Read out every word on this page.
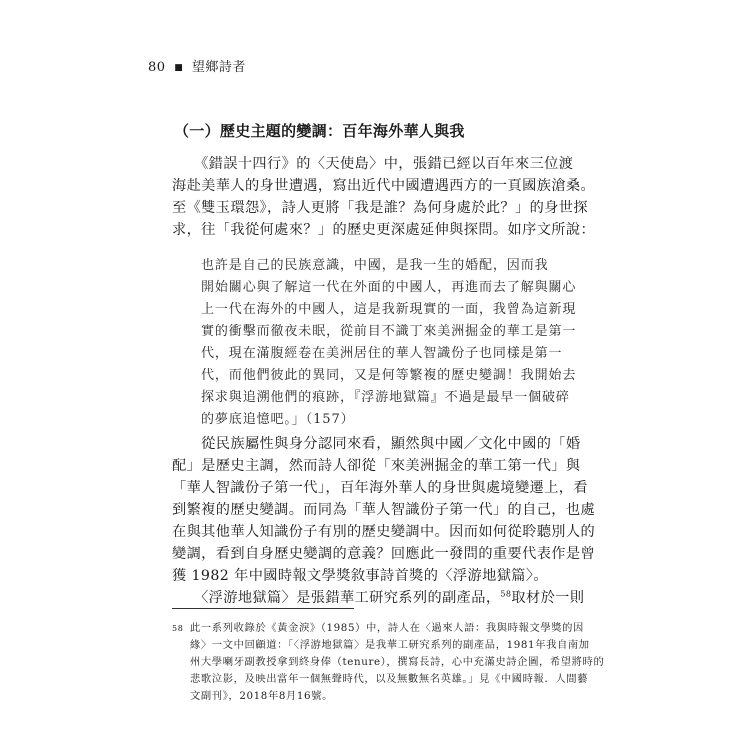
80 ■ 望鄉詩者
（一）歷史主題的變調：百年海外華人與我
　　《錯誤十四行》的〈天使島〉中，張錯已經以百年來三位渡
海赴美華人的身世遭遇，寫出近代中國遭遇西方的一頁國族滄桑。
至《雙玉環怨》，詩人更將「我是誰？為何身處於此？」的身世探
求，往「我從何處來？」的歷史更深處延伸與探問。如序文所說：
也許是自己的民族意識，中國，是我一生的婚配，因而我
開始關心與了解這一代在外面的中國人，再進而去了解與關心
上一代在海外的中國人，這是我新現實的一面，我曾為這新現
實的衝擊而徹夜未眠，從前目不識丁來美洲掘金的華工是第一
代，現在滿腹經卷在美洲居住的華人智識份子也同樣是第一
代，而他們彼此的異同，又是何等繁複的歷史變調！我開始去
探求與追溯他們的痕跡，『浮游地獄篇』不過是最早一個破碎
的夢底追憶吧。」（157）
　　從民族屬性與身分認同來看，顯然與中國／文化中國的「婚
配」是歷史主調，然而詩人卻從「來美洲掘金的華工第一代」與
「華人智識份子第一代」，百年海外華人的身世與處境變遷上，看
到繁複的歷史變調。而同為「華人智識份子第一代」的自己，也處
在與其他華人知識份子有別的歷史變調中。因而如何從聆聽別人的
變調，看到自身歷史變調的意義？回應此一發問的重要代表作是曾
獲 1982 年中國時報文學獎敘事詩首獎的〈浮游地獄篇〉。
　　〈浮游地獄篇〉是張錯華工研究系列的副產品，$^{58}$取材於一則
58 此一系列收錄於《黃金淚》（1985）中，詩人在〈過來人語：我與時報文學獎的因
緣〉一文中回顧道：「〈浮游地獄篇〉是我華工研究系列的副產品，1981年我自南加
州大學喇牙副教授拿到終身俸（tenure），撰寫長詩，心中充滿史詩企圖，希望將時的
悲歌泣影，及映出當年一個無聲時代，以及無數無名英雄。」見《中國時報．人間藝
文副刊》，2018年8月16號。
